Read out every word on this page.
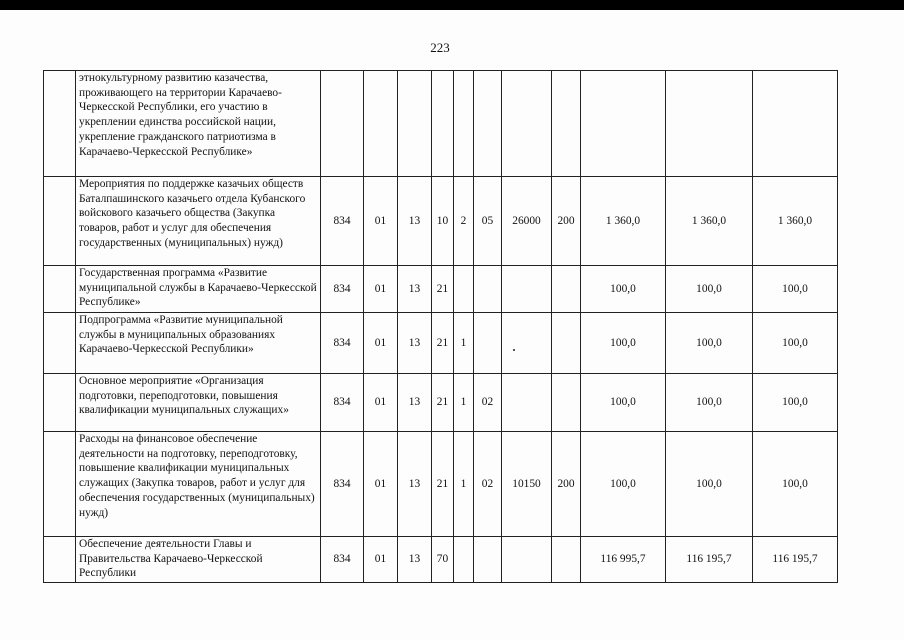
223
	этнокультурному развитию казачества, проживающего на территории Карачаево-Черкесской Республики, его участию в укреплении единства российской нации, укрепление гражданского патриотизма в Карачаево-Черкесской Республике»											
	Мероприятия по поддержке казачьих обществ Баталпашинского казачьего отдела Кубанского войскового казачьего общества (Закупка товаров, работ и услуг для обеспечения государственных (муниципальных) нужд)	834	01	13	10	2	05	26000	200	1 360,0	1 360,0	1 360,0
	Государственная программа «Развитие муниципальной службы в Карачаево-Черкесской Республике»	834	01	13	21					100,0	100,0	100,0
	Подпрограмма «Развитие муниципальной службы в муниципальных образованиях Карачаево-Черкесской Республики»	834	01	13	21	1				100,0	100,0	100,0
	Основное мероприятие «Организация подготовки, переподготовки, повышения квалификации муниципальных служащих»	834	01	13	21	1	02			100,0	100,0	100,0
	Расходы на финансовое обеспечение деятельности на подготовку, переподготовку, повышение квалификации муниципальных служащих (Закупка товаров, работ и услуг для обеспечения государственных (муниципальных) нужд)	834	01	13	21	1	02	10150	200	100,0	100,0	100,0
	Обеспечение деятельности Главы и Правительства Карачаево-Черкесской Республики	834	01	13	70					116 995,7	116 195,7	116 195,7
